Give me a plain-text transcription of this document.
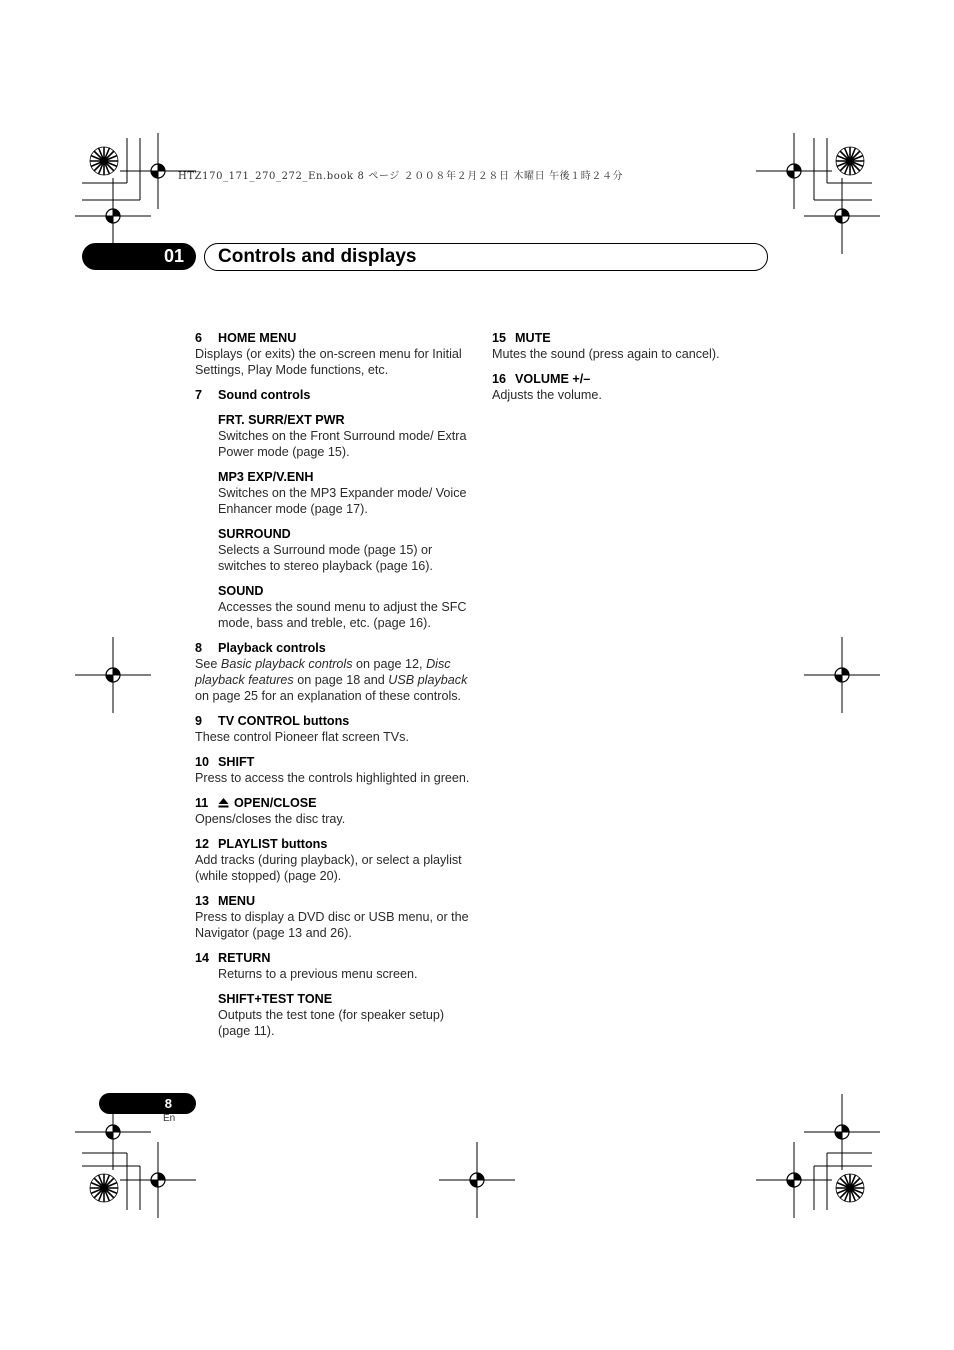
HTZ170_171_270_272_En.book 8 ページ ２００８年２月２８日 木曜日 午後１時２４分
01	Controls and displays
6	HOME MENU
Displays (or exits) the on-screen menu for Initial Settings, Play Mode functions, etc.
7	Sound controls
FRT. SURR/EXT PWR
Switches on the Front Surround mode/ Extra Power mode (page 15).
MP3 EXP/V.ENH
Switches on the MP3 Expander mode/ Voice Enhancer mode (page 17).
SURROUND
Selects a Surround mode (page 15) or switches to stereo playback (page 16).
SOUND
Accesses the sound menu to adjust the SFC mode, bass and treble, etc. (page 16).
8	Playback controls
See Basic playback controls on page 12, Disc playback features on page 18 and USB playback on page 25 for an explanation of these controls.
9	TV CONTROL buttons
These control Pioneer flat screen TVs.
10 SHIFT
Press to access the controls highlighted in green.
11	OPEN/CLOSE
Opens/closes the disc tray.
12 PLAYLIST buttons
Add tracks (during playback), or select a playlist (while stopped) (page 20).
13 MENU
Press to display a DVD disc or USB menu, or the Navigator (page 13 and 26).
14 RETURN
Returns to a previous menu screen.
SHIFT+TEST TONE
Outputs the test tone (for speaker setup) (page 11).
15 MUTE
Mutes the sound (press again to cancel).
16 VOLUME +/–
Adjusts the volume.
8
En
